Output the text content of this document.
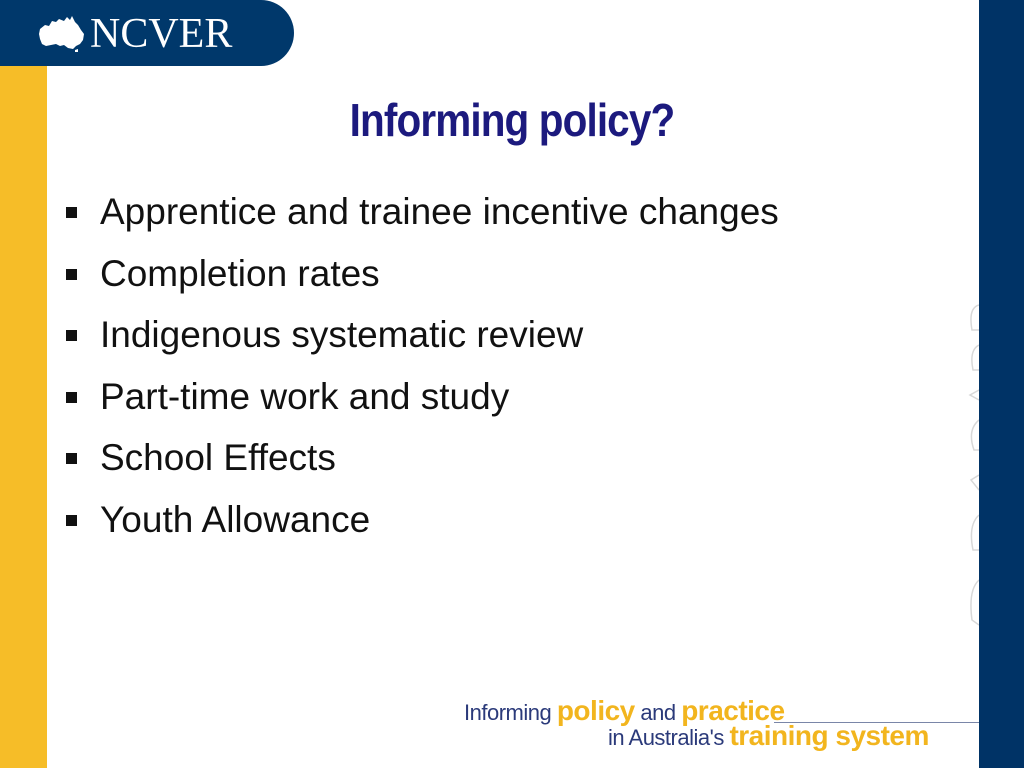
NCVER
Informing policy?
Apprentice and trainee incentive changes
Completion rates
Indigenous systematic review
Part-time work and study
School Effects
Youth Allowance
Informing policy and practice
in Australia's training system
